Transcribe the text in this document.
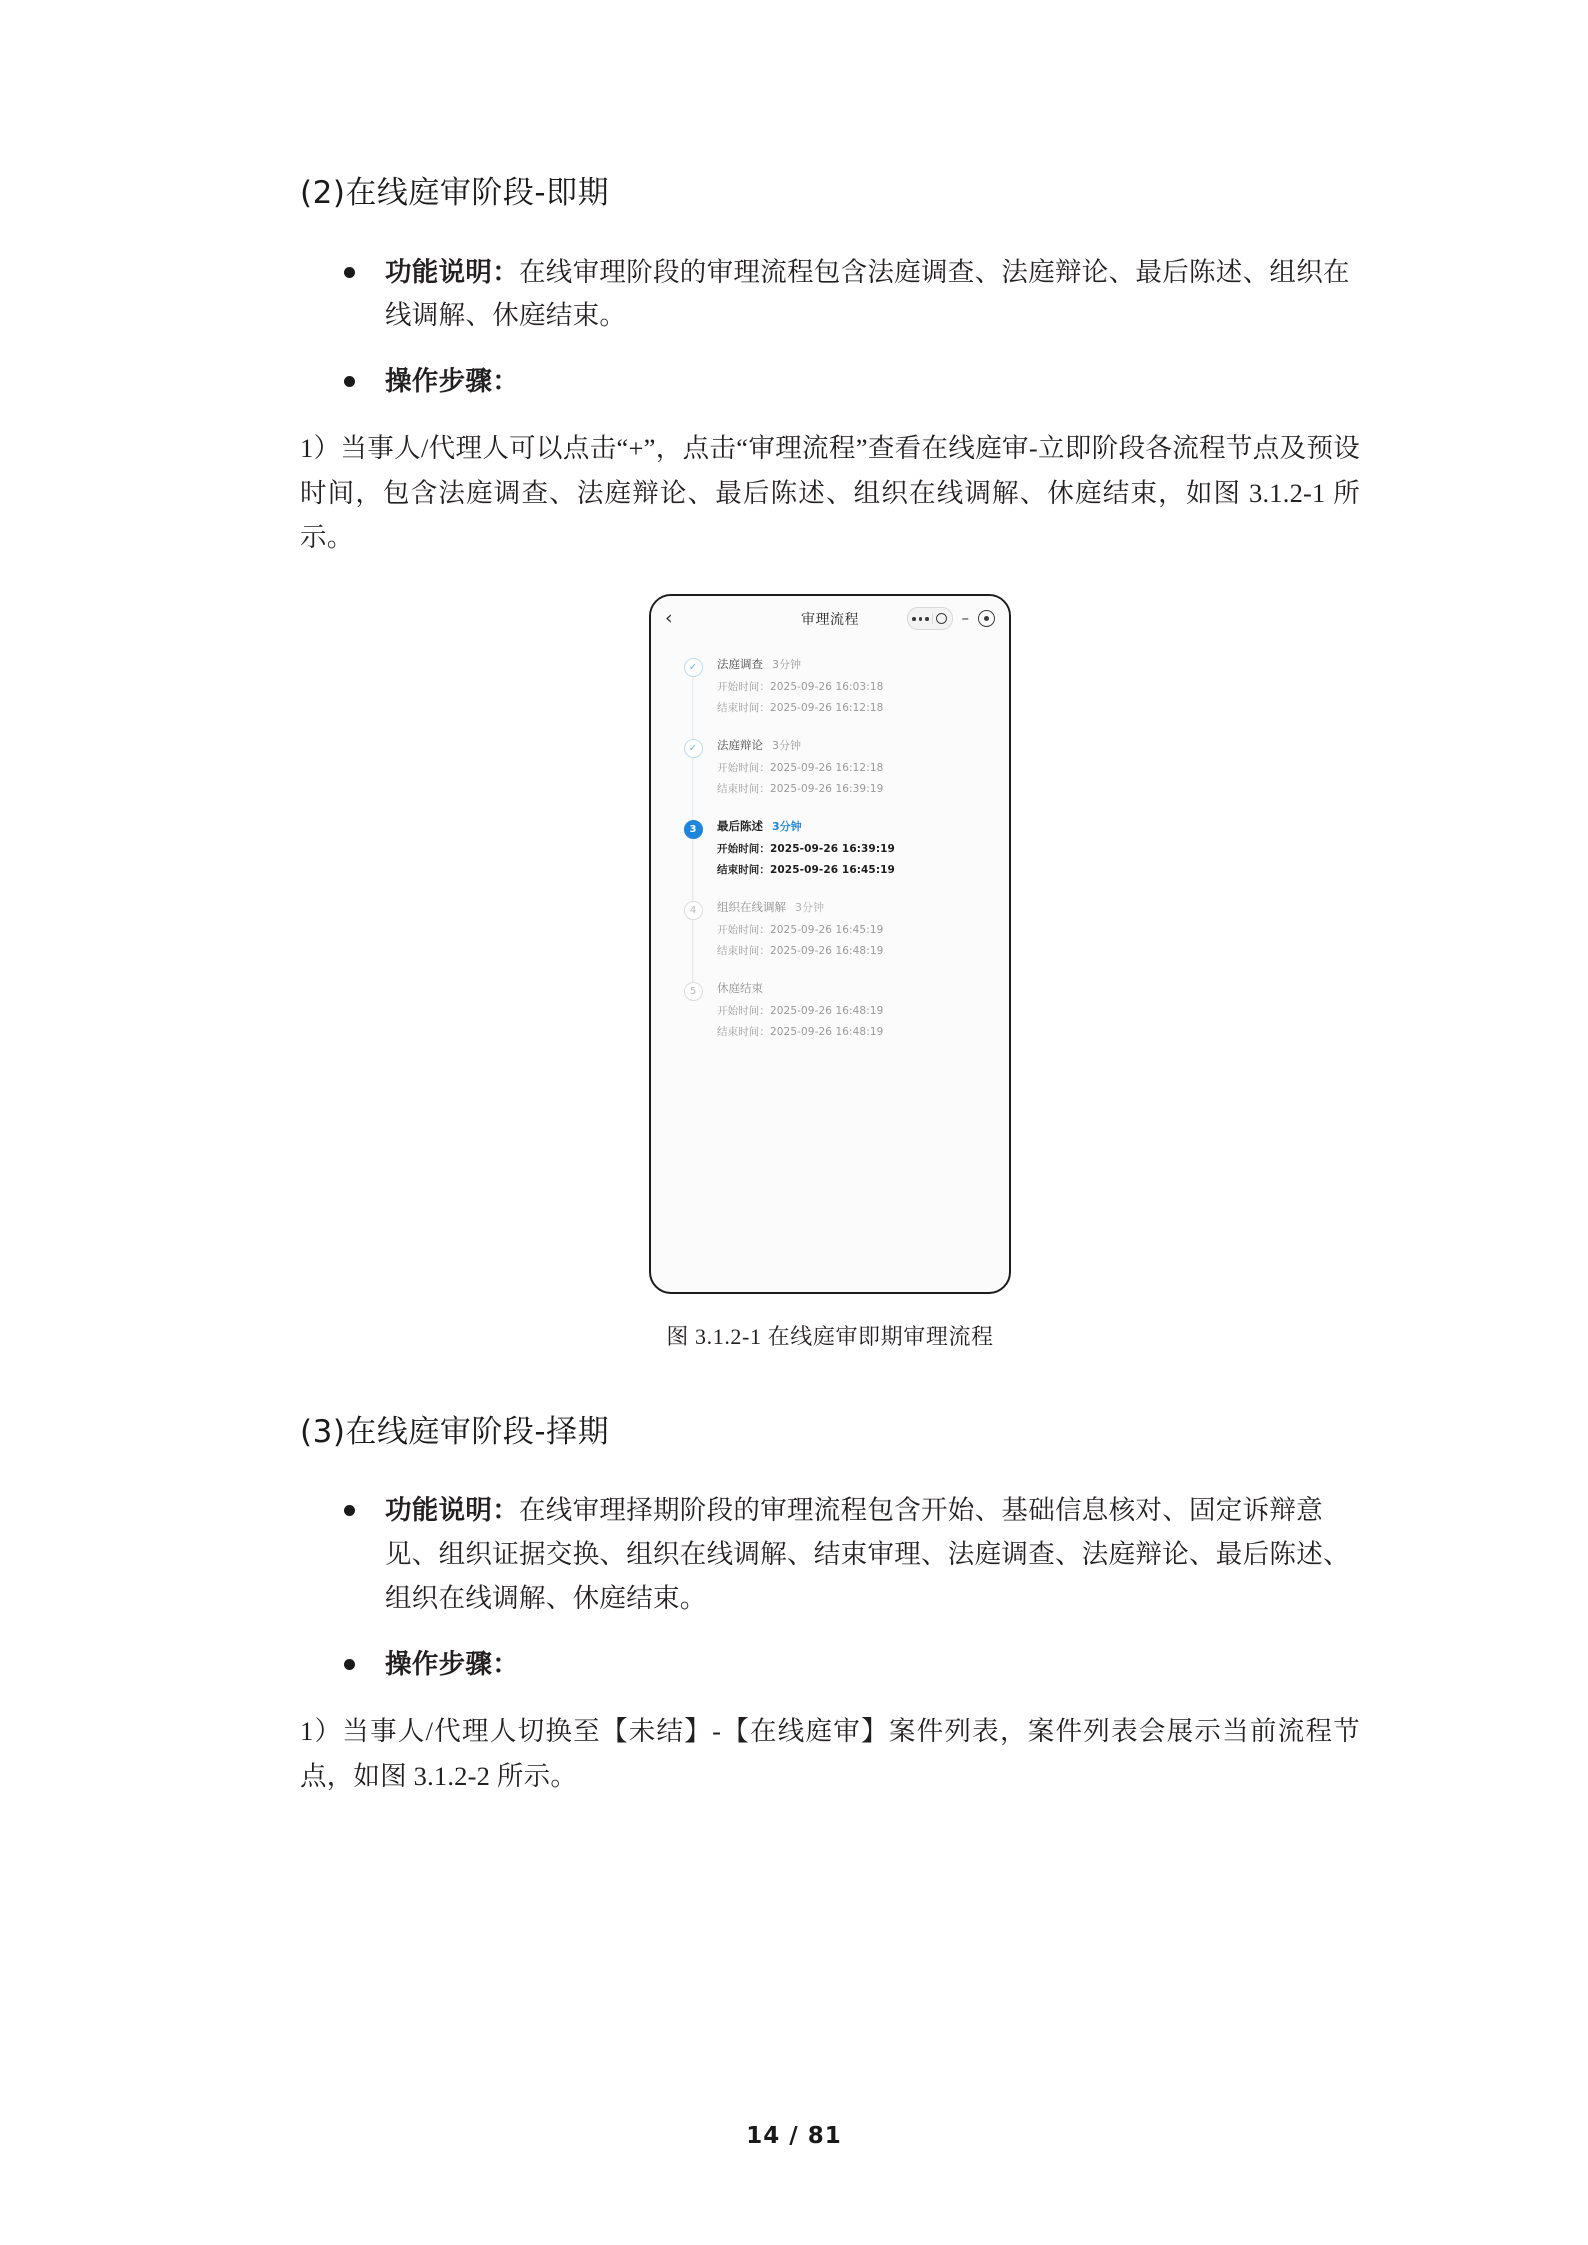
(2)在线庭审阶段-即期
功能说明：在线审理阶段的审理流程包含法庭调查、法庭辩论、最后陈述、组织在线调解、休庭结束。
操作步骤：

1）当事人/代理人可以点击“+”，点击“审理流程”查看在线庭审-立即阶段各流程节点及预设时间，包含法庭调查、法庭辩论、最后陈述、组织在线调解、休庭结束，如图 3.1.2-1 所示。

‹	审理流程	–
✓	法庭调查 3分钟
开始时间：2025-09-26 16:03:18
结束时间：2025-09-26 16:12:18
✓	法庭辩论 3分钟
开始时间：2025-09-26 16:12:18
结束时间：2025-09-26 16:39:19
3	最后陈述 3分钟
开始时间：2025-09-26 16:39:19
结束时间：2025-09-26 16:45:19
4	组织在线调解 3分钟
开始时间：2025-09-26 16:45:19
结束时间：2025-09-26 16:48:19
5	休庭结束
开始时间：2025-09-26 16:48:19
结束时间：2025-09-26 16:48:19
图 3.1.2-1 在线庭审即期审理流程
(3)在线庭审阶段-择期
功能说明：在线审理择期阶段的审理流程包含开始、基础信息核对、固定诉辩意见、组织证据交换、组织在线调解、结束审理、法庭调查、法庭辩论、最后陈述、组织在线调解、休庭结束。
操作步骤：

1）当事人/代理人切换至【未结】-【在线庭审】案件列表，案件列表会展示当前流程节点，如图 3.1.2-2 所示。

14 / 81
